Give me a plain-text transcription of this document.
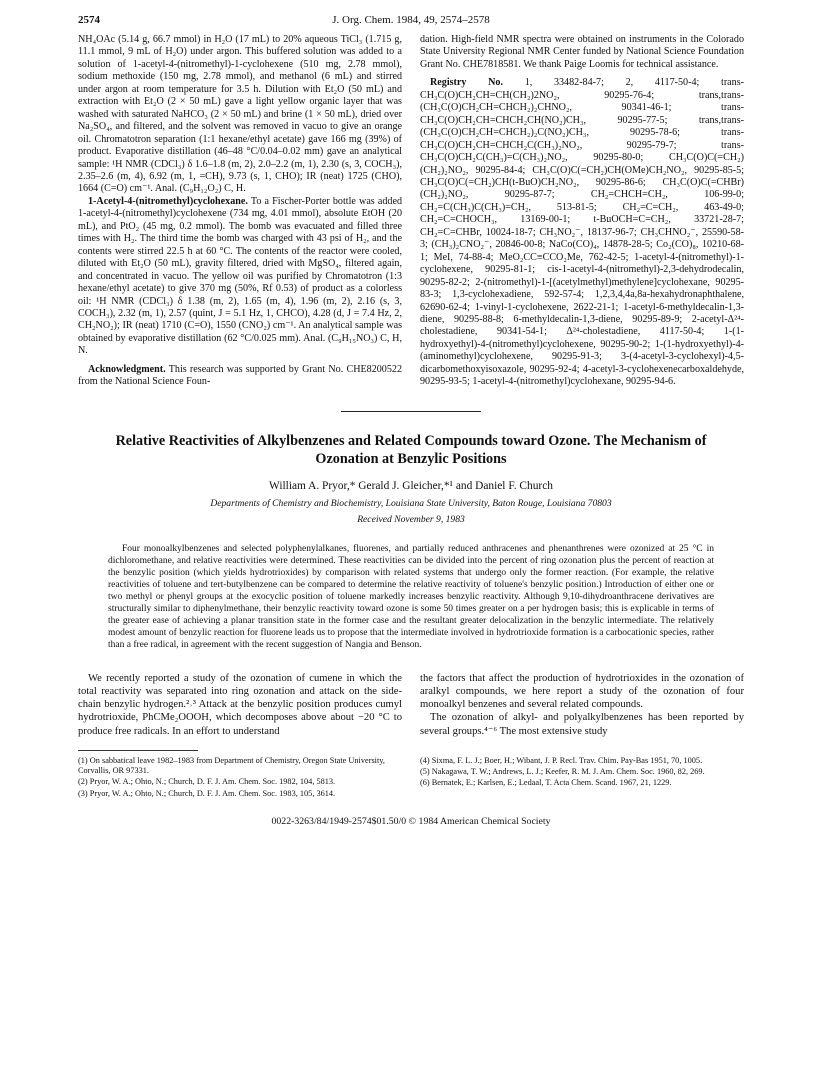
2574	J. Org. Chem. 1984, 49, 2574–2578

NH₄OAc (5.14 g, 66.7 mmol) in H₂O (17 mL) to 20% aqueous TiCl₃ (1.715 g, 11.1 mmol, 9 mL of H₂O) under argon. This buffered solution was added to a solution of 1-acetyl-4-(nitromethyl)-1-cyclohexene (510 mg, 2.78 mmol), sodium methoxide (150 mg, 2.78 mmol), and methanol (6 mL) and stirred under argon at room temperature for 3.5 h. Dilution with Et₂O (50 mL) and extraction with Et₂O (2 × 50 mL) gave a light yellow organic layer that was washed with saturated NaHCO₃ (2 × 50 mL) and brine (1 × 50 mL), dried over Na₂SO₄, and filtered, and the solvent was removed in vacuo to give an orange oil. Chromatotron separation (1:1 hexane/ethyl acetate) gave 166 mg (39%) of product. Evaporative distillation (46–48 °C/0.04–0.02 mm) gave an analytical sample: ¹H NMR (CDCl₃) δ 1.6–1.8 (m, 2), 2.0–2.2 (m, 1), 2.30 (s, 3, COCH₃), 2.35–2.6 (m, 4), 6.92 (m, 1, =CH), 9.73 (s, 1, CHO); IR (neat) 1725 (CHO), 1664 (C=O) cm⁻¹. Anal. (C₉H₁₂O₂) C, H.

1-Acetyl-4-(nitromethyl)cyclohexane. To a Fischer-Porter bottle was added 1-acetyl-4-(nitromethyl)cyclohexene (734 mg, 4.01 mmol), absolute EtOH (20 mL), and PtO₂ (45 mg, 0.2 mmol). The bomb was evacuated and filled three times with H₂. The third time the bomb was charged with 43 psi of H₂, and the contents were stirred 22.5 h at 60 °C. The contents of the reactor were cooled, diluted with Et₂O (50 mL), gravity filtered, dried with MgSO₄, filtered again, and concentrated in vacuo. The yellow oil was purified by Chromatotron (1:3 hexane/ethyl acetate) to give 370 mg (50%, Rf 0.53) of product as a colorless oil: ¹H NMR (CDCl₃) δ 1.38 (m, 2), 1.65 (m, 4), 1.96 (m, 2), 2.16 (s, 3, COCH₃), 2.32 (m, 1), 2.57 (quint, J = 5.1 Hz, 1, CHCO), 4.28 (d, J = 7.4 Hz, 2, CH₂NO₂); IR (neat) 1710 (C=O), 1550 (CNO₂) cm⁻¹. An analytical sample was obtained by evaporative distillation (62 °C/0.025 mm). Anal. (C₉H₁₅NO₃) C, H, N.

Acknowledgment. This research was supported by Grant No. CHE8200522 from the National Science Foun-

dation. High-field NMR spectra were obtained on instruments in the Colorado State University Regional NMR Center funded by National Science Foundation Grant No. CHE7818581. We thank Paige Loomis for technical assistance.

Registry No. 1, 33482-84-7; 2, 4117-50-4; trans-CH₃C(O)CH₂CH=CH(CH₂)2NO₂, 90295-76-4; trans,trans-(CH₃C(O)CH₂CH=CHCH₂)₂CHNO₂, 90341-46-1; trans-CH₃C(O)CH₂CH=CHCH₂CH(NO₂)CH₃, 90295-77-5; trans,trans-(CH₃C(O)CH₂CH=CHCH₂)₂C(NO₂)CH₃, 90295-78-6; trans-CH₃C(O)CH₂CH=CHCH₂C(CH₃)₂NO₂, 90295-79-7; trans-CH₃C(O)CH₂C(CH₃)=C(CH₃)₂NO₂, 90295-80-0; CH₃C(O)C(=CH₂)(CH₂)₂NO₂, 90295-84-4; CH₃C(O)C(=CH₂)CH(OMe)CH₂NO₂, 90295-85-5; CH₃C(O)C(=CH₂)CH(t-BuO)CH₂NO₂, 90295-86-6; CH₃C(O)C(=CHBr)(CH₂)₂NO₂, 90295-87-7; CH₂=CHCH=CH₂, 106-99-0; CH₂=C(CH₃)C(CH₃)=CH₂, 513-81-5; CH₂=C=CH₂, 463-49-0; CH₂=C=CHOCH₃, 13169-00-1; t-BuOCH=C=CH₂, 33721-28-7; CH₂=C=CHBr, 10024-18-7; CH₃NO₂⁻, 18137-96-7; CH₃CHNO₂⁻, 25590-58-3; (CH₃)₂CNO₂⁻, 20846-00-8; NaCo(CO)₄, 14878-28-5; Co₂(CO)₈, 10210-68-1; MeI, 74-88-4; MeO₂CC≡CCO₂Me, 762-42-5; 1-acetyl-4-(nitromethyl)-1-cyclohexene, 90295-81-1; cis-1-acetyl-4-(nitromethyl)-2,3-dehydrodecalin, 90295-82-2; 2-(nitromethyl)-1-[(acetylmethyl)methylene]cyclohexane, 90295-83-3; 1,3-cyclohexadiene, 592-57-4; 1,2,3,4,4a,8a-hexahydronaphthalene, 62690-62-4; 1-vinyl-1-cyclohexene, 2622-21-1; 1-acetyl-6-methyldecalin-1,3-diene, 90295-88-8; 6-methyldecalin-1,3-diene, 90295-89-9; 2-acetyl-Δ²⁴-cholestadiene, 90341-54-1; Δ²⁴-cholestadiene, 4117-50-4; 1-(1-hydroxyethyl)-4-(nitromethyl)cyclohexene, 90295-90-2; 1-(1-hydroxyethyl)-4-(aminomethyl)cyclohexene, 90295-91-3; 3-(4-acetyl-3-cyclohexyl)-4,5-dicarbomethoxyisoxazole, 90295-92-4; 4-acetyl-3-cyclohexenecarboxaldehyde, 90295-93-5; 1-acetyl-4-(nitromethyl)cyclohexane, 90295-94-6.

Relative Reactivities of Alkylbenzenes and Related Compounds toward Ozone. The Mechanism of Ozonation at Benzylic Positions
William A. Pryor,* Gerald J. Gleicher,*¹ and Daniel F. Church
Departments of Chemistry and Biochemistry, Louisiana State University, Baton Rouge, Louisiana 70803
Received November 9, 1983
Four monoalkylbenzenes and selected polyphenylalkanes, fluorenes, and partially reduced anthracenes and phenanthrenes were ozonized at 25 °C in dichloromethane, and relative reactivities were determined. These reactivities can be divided into the percent of ring ozonation plus the percent of reaction at the benzylic position (which yields hydrotrioxides) by comparison with related systems that undergo only the former reaction. (For example, the relative reactivities of toluene and tert-butylbenzene can be compared to determine the relative reactivity of toluene's benzylic position.) Introduction of either one or two methyl or phenyl groups at the exocyclic position of toluene markedly increases benzylic reactivity. Although 9,10-dihydroanthracene derivatives are structurally similar to diphenylmethane, their benzylic reactivity toward ozone is some 50 times greater on a per hydrogen basis; this is explicable in terms of the greater ease of achieving a planar transition state in the former case and the resultant greater delocalization in the benzylic intermediate. The relatively modest amount of benzylic reaction for fluorene leads us to propose that the intermediate involved in hydrotrioxide formation is a carbocationic species, rather than a free radical, in agreement with the recent suggestion of Nangia and Benson.

We recently reported a study of the ozonation of cumene in which the total reactivity was separated into ring ozonation and attack on the side-chain benzylic hydrogen.²˒³ Attack at the benzylic position produces cumyl hydrotrioxide, PhCMe₂OOOH, which decomposes above about −20 °C to produce free radicals. In an effort to understand

the factors that affect the production of hydrotrioxides in the ozonation of aralkyl compounds, we here report a study of the ozonation of four monoalkyl benzenes and several related compounds.

The ozonation of alkyl- and polyalkylbenzenes has been reported by several groups.⁴⁻⁶ The most extensive study

(1) On sabbatical leave 1982–1983 from Department of Chemistry, Oregon State University, Corvallis, OR 97331.
(2) Pryor, W. A.; Ohto, N.; Church, D. F. J. Am. Chem. Soc. 1982, 104, 5813.
(3) Pryor, W. A.; Ohto, N.; Church, D. F. J. Am. Chem. Soc. 1983, 105, 3614.
(4) Sixma, F. L. J.; Boer, H.; Wibant, J. P. Recl. Trav. Chim. Pay-Bas 1951, 70, 1005.
(5) Nakagawa, T. W.; Andrews, L. J.; Keefer, R. M. J. Am. Chem. Soc. 1960, 82, 269.
(6) Bernatek, E.; Karlsen, E.; Ledaal, T. Acta Chem. Scand. 1967, 21, 1229.
0022-3263/84/1949-2574$01.50/0 © 1984 American Chemical Society
